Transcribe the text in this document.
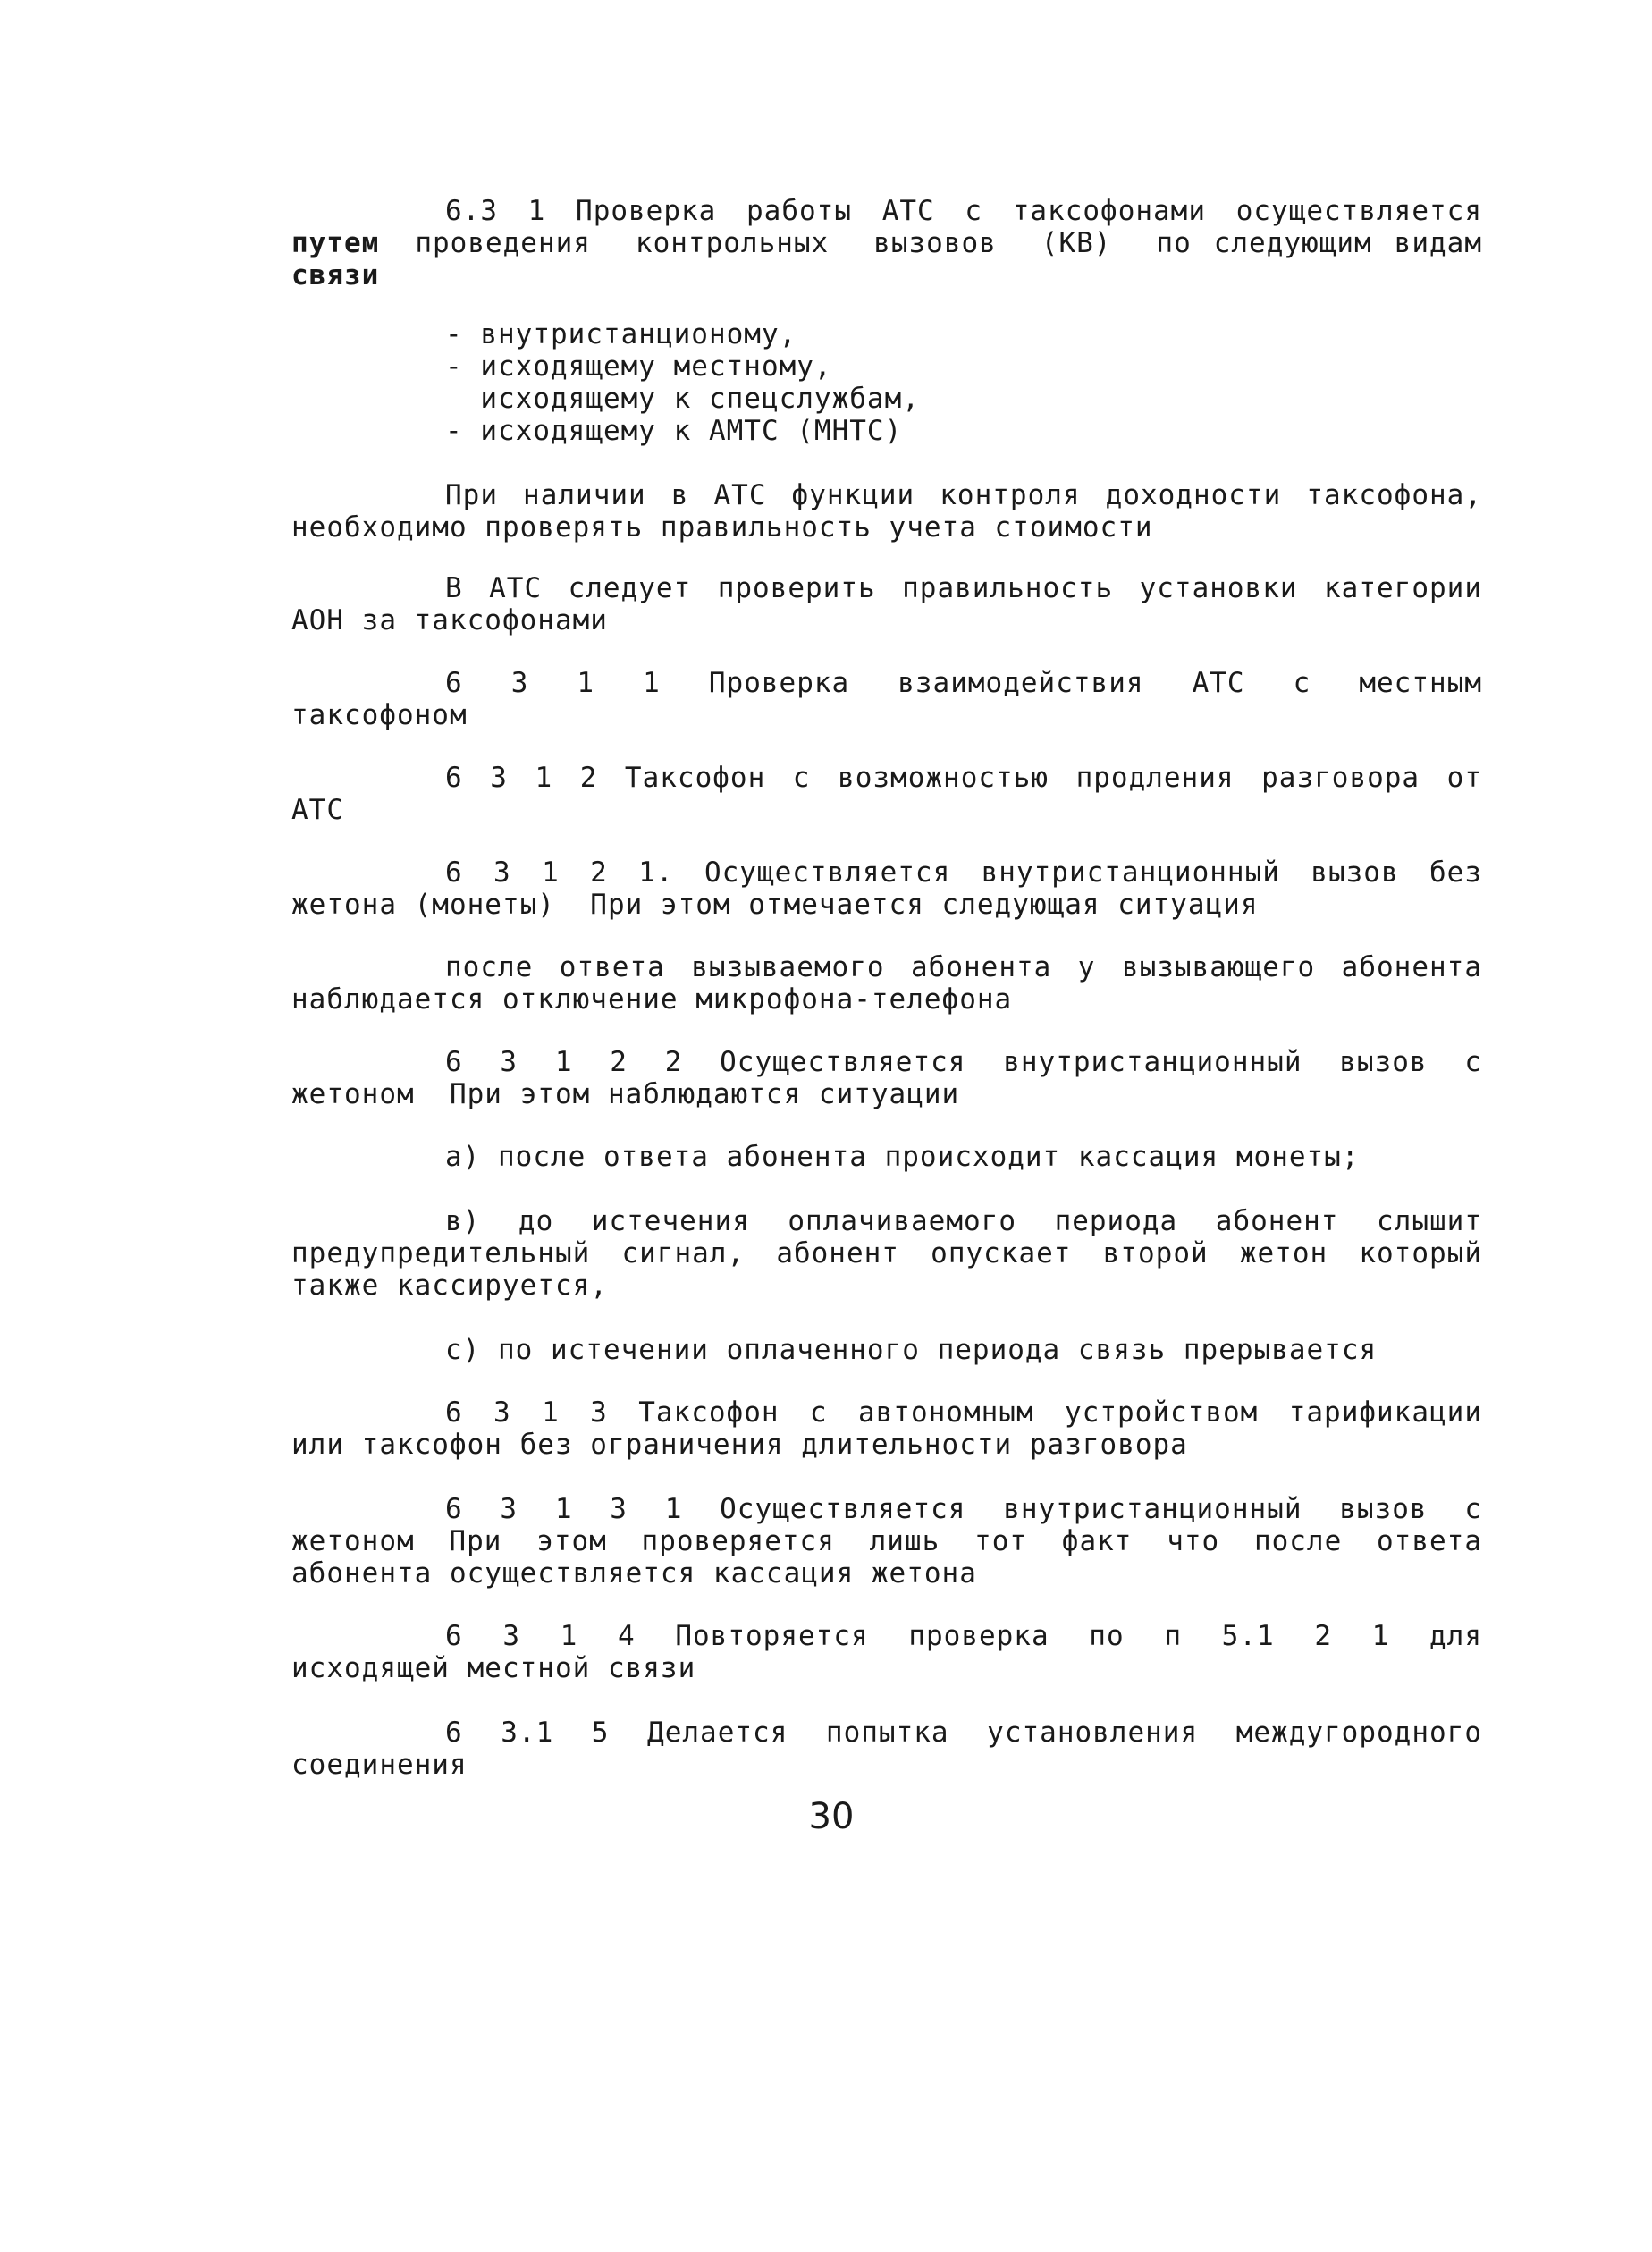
6.3 1 Проверка работы АТС с таксофонами осуществляется
путем проведения  контрольных  вызовов  (КВ)  по следующим видам
связи
- внутристанционому,
- исходящему местному,
исходящему к спецслужбам,
- исходящему к АМТС (МНТС)
При наличии в АТС функции контроля доходности таксофона,
необходимо проверять правильность учета стоимости
В АТС следует проверить правильность установки категории
АОН за таксофонами
6 3 1 1 Проверка взаимодействия АТС с местным
таксофоном
6 3 1 2 Таксофон с возможностью продления разговора от
АТС
6 3 1 2 1. Осуществляется внутристанционный вызов без
жетона (монеты)  При этом отмечается следующая ситуация
после ответа вызываемого абонента у вызывающего абонента
наблюдается отключение микрофона-телефона
6 3 1 2 2 Осуществляется внутристанционный вызов с
жетоном  При этом наблюдаются ситуации
а) после ответа абонента происходит кассация монеты;
в) до истечения оплачиваемого периода абонент слышит
предупредительный сигнал, абонент опускает второй жетон который
также кассируется,
с) по истечении оплаченного периода связь прерывается
6 3 1 3 Таксофон с автономным устройством тарификации
или таксофон без ограничения длительности разговора
6 3 1 3 1 Осуществляется внутристанционный вызов с
жетоном При этом проверяется лишь тот факт что после ответа
абонента осуществляется кассация жетона
6 3 1 4 Повторяется проверка по п 5.1 2 1 для
исходящей местной связи
6 3.1 5 Делается попытка установления междугородного
соединения
30
